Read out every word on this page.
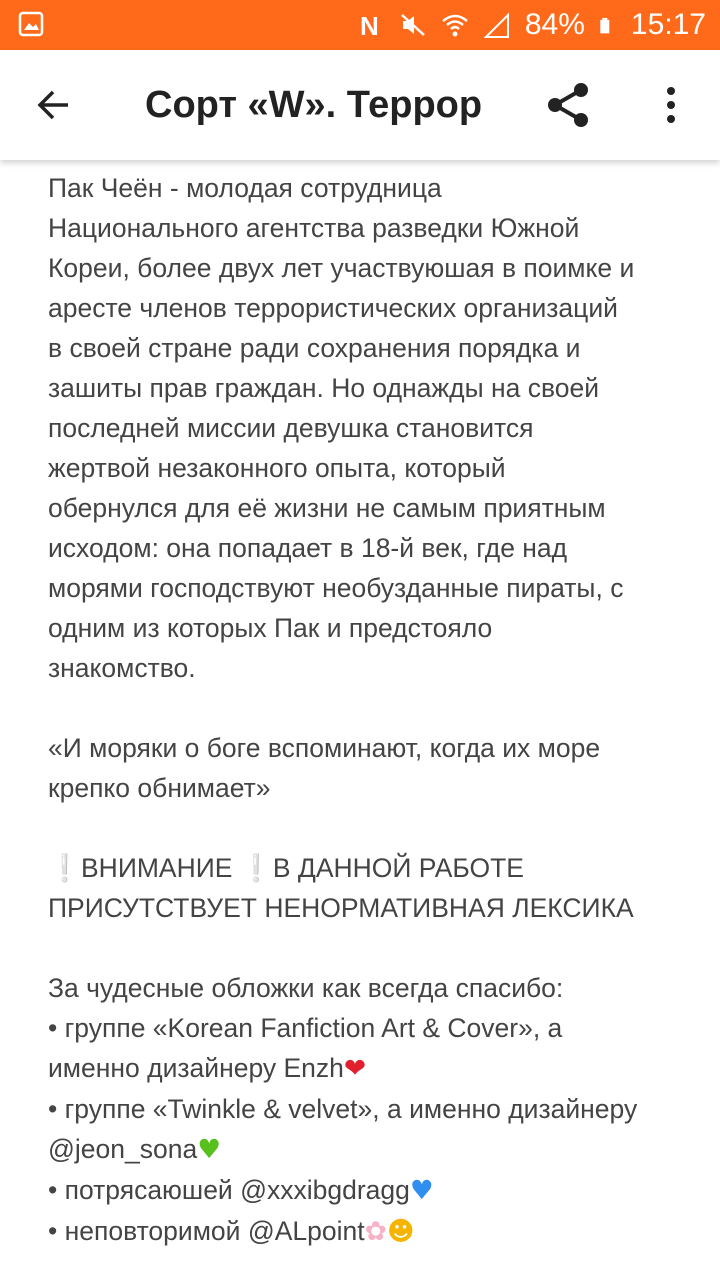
N	84% 15:17
Сорт «W». Террор

Пак Чеён - молодая сотрудница
Национального агентства разведки Южной
Кореи, более двух лет участвуюшая в поимке и
аресте членов террористических организаций
в своей стране ради сохранения порядка и
зашиты прав граждан. Но однажды на своей
последней миссии девушка становится
жертвой незаконного опыта, который
обернулся для её жизни не самым приятным
исходом: она попадает в 18-й век, где над
морями господствуют необузданные пираты, с
одним из которых Пак и предстояло
знакомство.

«И моряки о боге вспоминают, когда их море
крепко обнимает»

❕ВНИМАНИЕ ❕В ДАННОЙ РАБОТЕ
ПРИСУТСТВУЕТ НЕНОРМАТИВНАЯ ЛЕКСИКА

За чудесные обложки как всегда спасибо:

• группе «Korean Fanfiction Art & Cover», а
именно дизайнеру Enzh❤

• группе «Twinkle & velvet», а именно дизайнеру
@jeon_sona♥

• потрясаюшей @xxxibgdragg♥

• неповторимой @ALpoint✿☻
